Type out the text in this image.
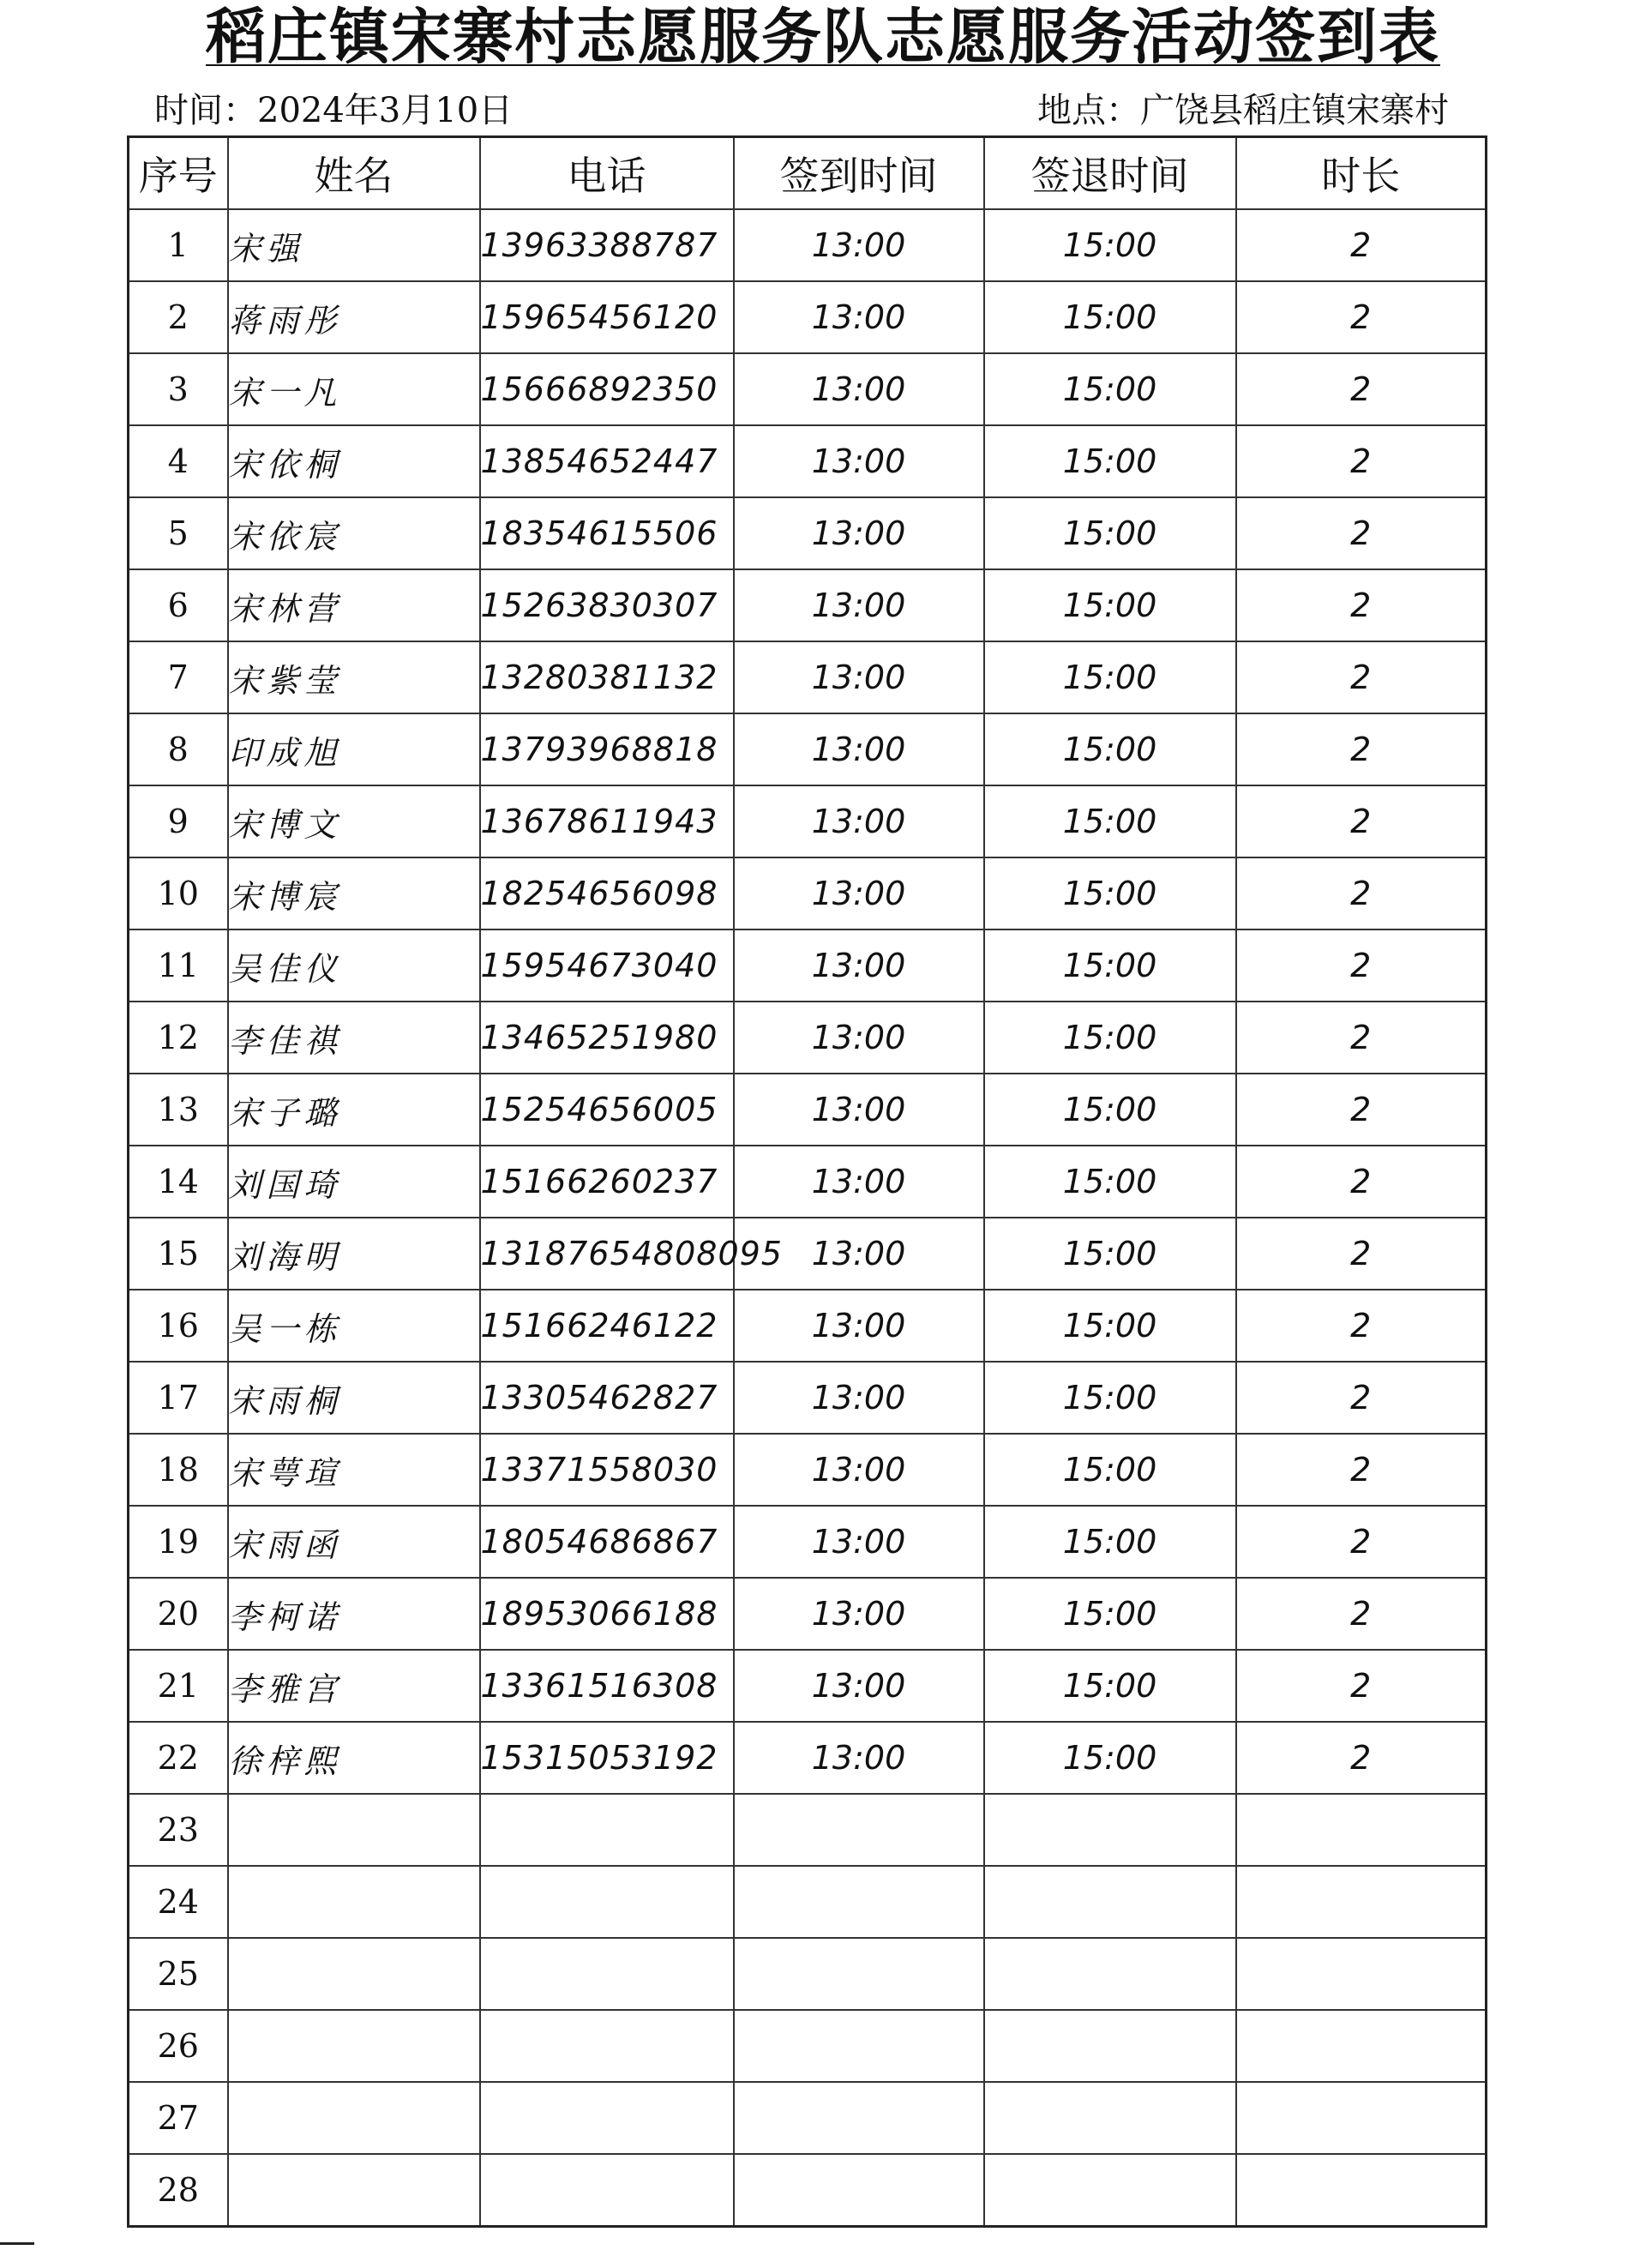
稻庄镇宋寨村志愿服务队志愿服务活动签到表
时间：2024年3月10日	地点：广饶县稻庄镇宋寨村
序号	姓名	电话	签到时间	签退时间	时长
1	宋强	13963388787	13:00	15:00	2
2	蒋雨彤	15965456120	13:00	15:00	2
3	宋一凡	15666892350	13:00	15:00	2
4	宋依桐	13854652447	13:00	15:00	2
5	宋依宸	18354615506	13:00	15:00	2
6	宋林营	15263830307	13:00	15:00	2
7	宋紫莹	13280381132	13:00	15:00	2
8	印成旭	13793968818	13:00	15:00	2
9	宋博文	13678611943	13:00	15:00	2
10	宋博宸	18254656098	13:00	15:00	2
11	吴佳仪	15954673040	13:00	15:00	2
12	李佳祺	13465251980	13:00	15:00	2
13	宋子璐	15254656005	13:00	15:00	2
14	刘国琦	15166260237	13:00	15:00	2
15	刘海明	13187654808095	13:00	15:00	2
16	吴一栋	15166246122	13:00	15:00	2
17	宋雨桐	13305462827	13:00	15:00	2
18	宋萼瑄	13371558030	13:00	15:00	2
19	宋雨函	18054686867	13:00	15:00	2
20	李柯诺	18953066188	13:00	15:00	2
21	李雅宫	13361516308	13:00	15:00	2
22	徐梓熙	15315053192	13:00	15:00	2
23					
24					
25					
26					
27					
28					
